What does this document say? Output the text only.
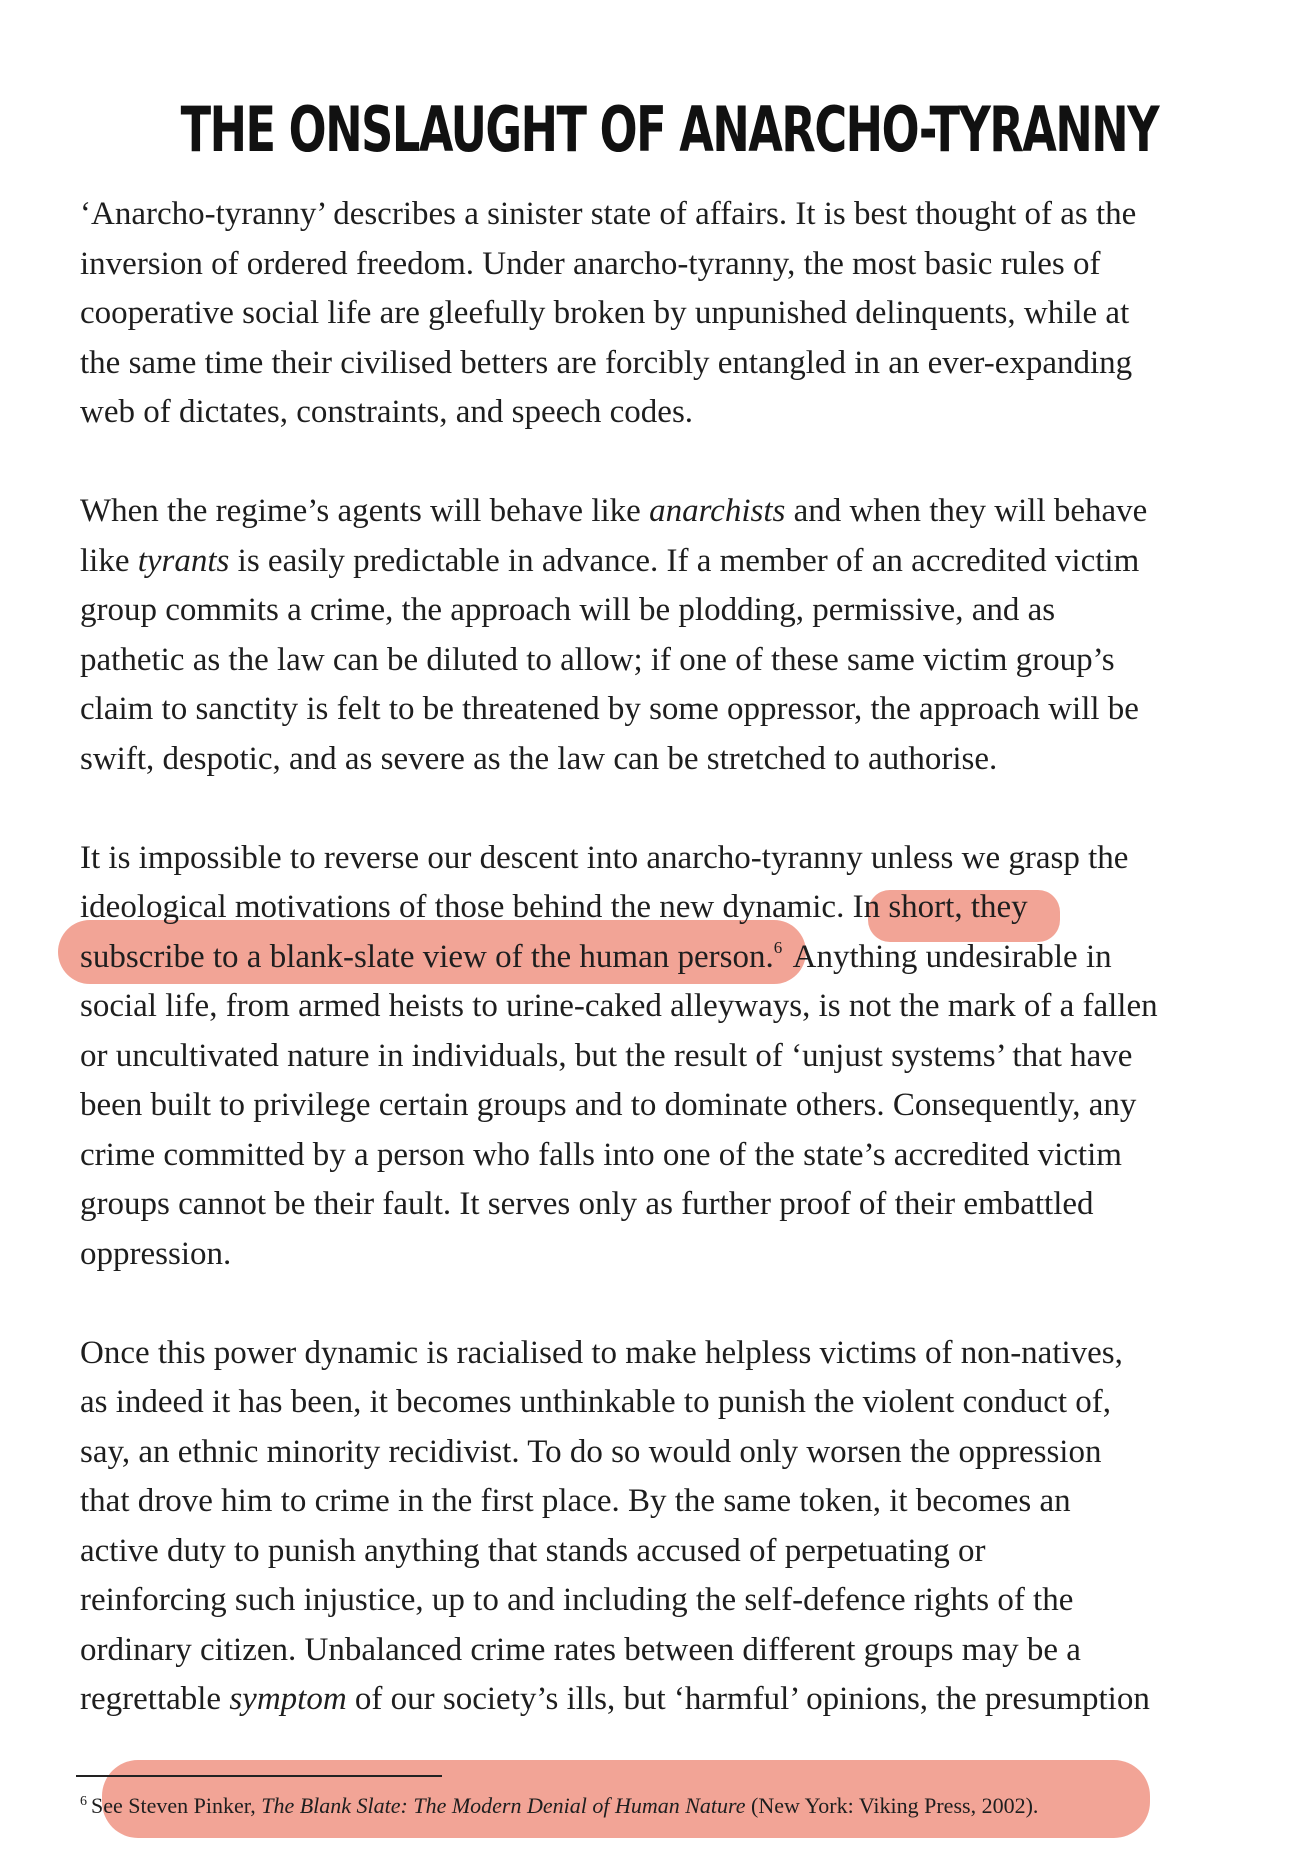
THE ONSLAUGHT OF ANARCHO-TYRANNY
‘Anarcho-tyranny’ describes a sinister state of affairs. It is best thought of as the
inversion of ordered freedom. Under anarcho-tyranny, the most basic rules of
cooperative social life are gleefully broken by unpunished delinquents, while at
the same time their civilised betters are forcibly entangled in an ever-expanding
web of dictates, constraints, and speech codes.
When the regime’s agents will behave like anarchists and when they will behave
like tyrants is easily predictable in advance. If a member of an accredited victim
group commits a crime, the approach will be plodding, permissive, and as
pathetic as the law can be diluted to allow; if one of these same victim group’s
claim to sanctity is felt to be threatened by some oppressor, the approach will be
swift, despotic, and as severe as the law can be stretched to authorise.
It is impossible to reverse our descent into anarcho-tyranny unless we grasp the
ideological motivations of those behind the new dynamic. In short, they
subscribe to a blank-slate view of the human person.$^6$ Anything undesirable in
social life, from armed heists to urine-caked alleyways, is not the mark of a fallen
or uncultivated nature in individuals, but the result of ‘unjust systems’ that have
been built to privilege certain groups and to dominate others. Consequently, any
crime committed by a person who falls into one of the state’s accredited victim
groups cannot be their fault. It serves only as further proof of their embattled
oppression.
Once this power dynamic is racialised to make helpless victims of non-natives,
as indeed it has been, it becomes unthinkable to punish the violent conduct of,
say, an ethnic minority recidivist. To do so would only worsen the oppression
that drove him to crime in the first place. By the same token, it becomes an
active duty to punish anything that stands accused of perpetuating or
reinforcing such injustice, up to and including the self-defence rights of the
ordinary citizen. Unbalanced crime rates between different groups may be a
regrettable symptom of our society’s ills, but ‘harmful’ opinions, the presumption
$^6$ See Steven Pinker, The Blank Slate: The Modern Denial of Human Nature (New York: Viking Press, 2002).
